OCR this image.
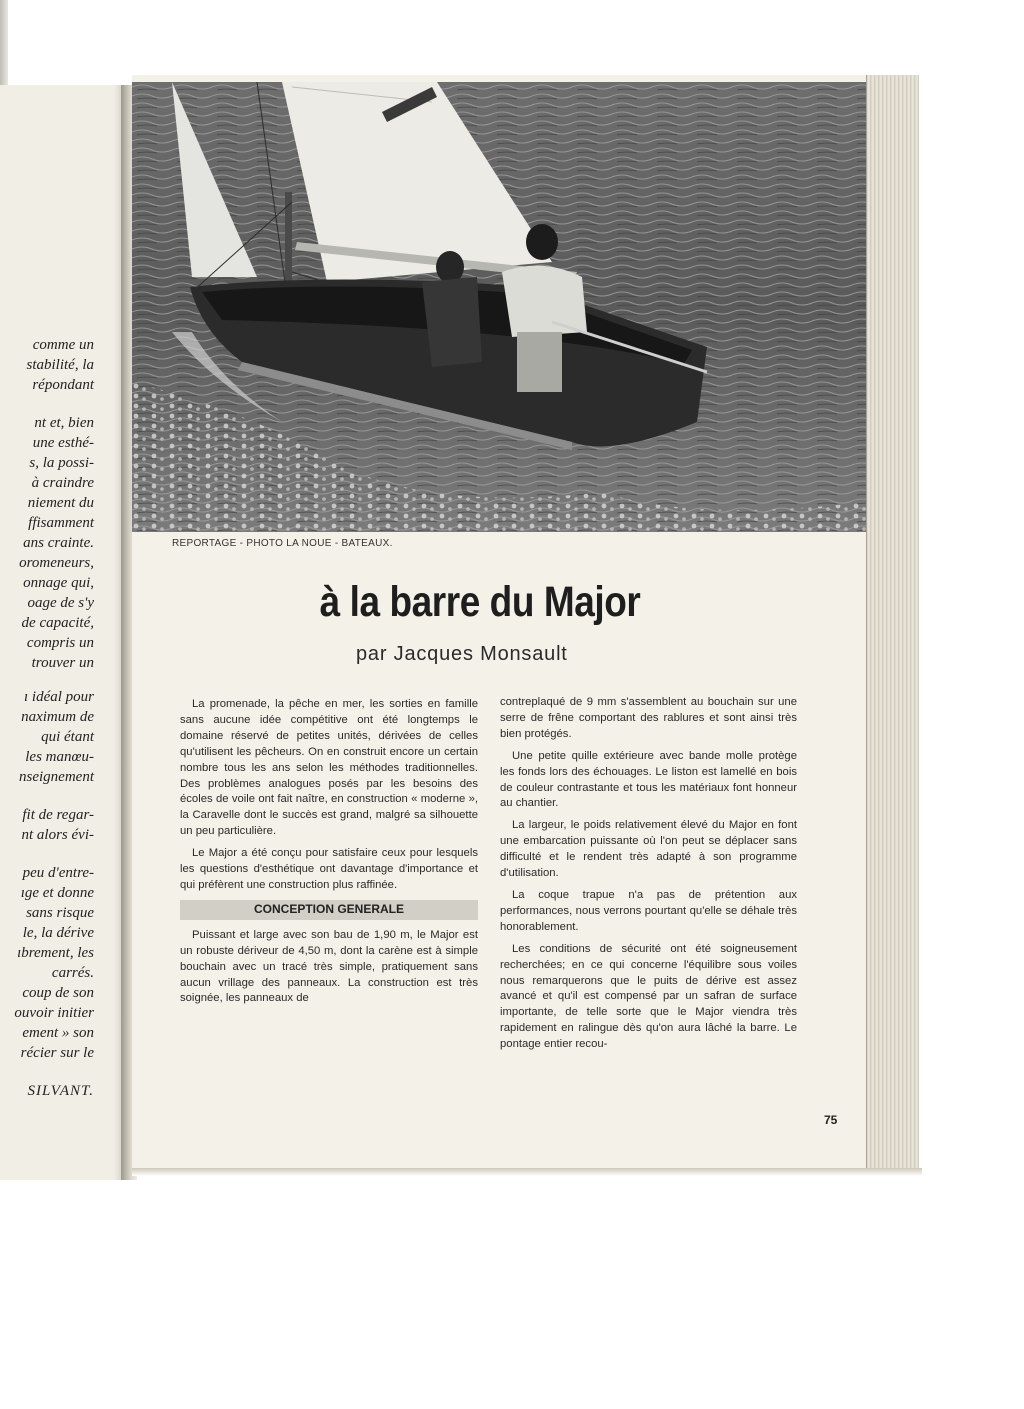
comme un
stabilité, la
répondant
nt et, bien
une esthé-
s, la possi-
à craindre
niement du
ffisamment
ans crainte.
oromeneurs,
onnage qui,
oage de s'y
de capacité,
compris un
trouver un
ı idéal pour
naximum de
qui étant
les manœu-
nseignement
fit de regar-
nt alors évi-
peu d'entre-
ıge et donne
sans risque
le, la dérive
ıbrement, les
carrés.
coup de son
ouvoir initier
ement » son
récier sur le
SILVANT.
REPORTAGE - PHOTO LA NOUE - BATEAUX.
à la barre du Major
par Jacques Monsault

La promenade, la pêche en mer, les sorties en famille sans aucune idée compétitive ont été longtemps le domaine réservé de petites unités, dérivées de celles qu'utilisent les pêcheurs. On en construit encore un certain nombre tous les ans selon les méthodes traditionnelles. Des problèmes analogues posés par les besoins des écoles de voile ont fait naître, en construction « moderne », la Caravelle dont le succès est grand, malgré sa silhouette un peu particulière.

Le Major a été conçu pour satisfaire ceux pour lesquels les questions d'esthétique ont davantage d'importance et qui préfèrent une construction plus raffinée.

CONCEPTION GENERALE

Puissant et large avec son bau de 1,90 m, le Major est un robuste dériveur de 4,50 m, dont la carène est à simple bouchain avec un tracé très simple, pratiquement sans aucun vrillage des panneaux. La construction est très soignée, les panneaux de

contreplaqué de 9 mm s'assemblent au bouchain sur une serre de frêne comportant des rablures et sont ainsi très bien protégés.

Une petite quille extérieure avec bande molle protège les fonds lors des échouages. Le liston est lamellé en bois de couleur contrastante et tous les matériaux font honneur au chantier.

La largeur, le poids relativement élevé du Major en font une embarcation puissante où l'on peut se déplacer sans difficulté et le rendent très adapté à son programme d'utilisation.

La coque trapue n'a pas de prétention aux performances, nous verrons pourtant qu'elle se déhale très honorablement.

Les conditions de sécurité ont été soigneusement recherchées; en ce qui concerne l'équilibre sous voiles nous remarquerons que le puits de dérive est assez avancé et qu'il est compensé par un safran de surface importante, de telle sorte que le Major viendra très rapidement en ralingue dès qu'on aura lâché la barre. Le pontage entier recou-

75
